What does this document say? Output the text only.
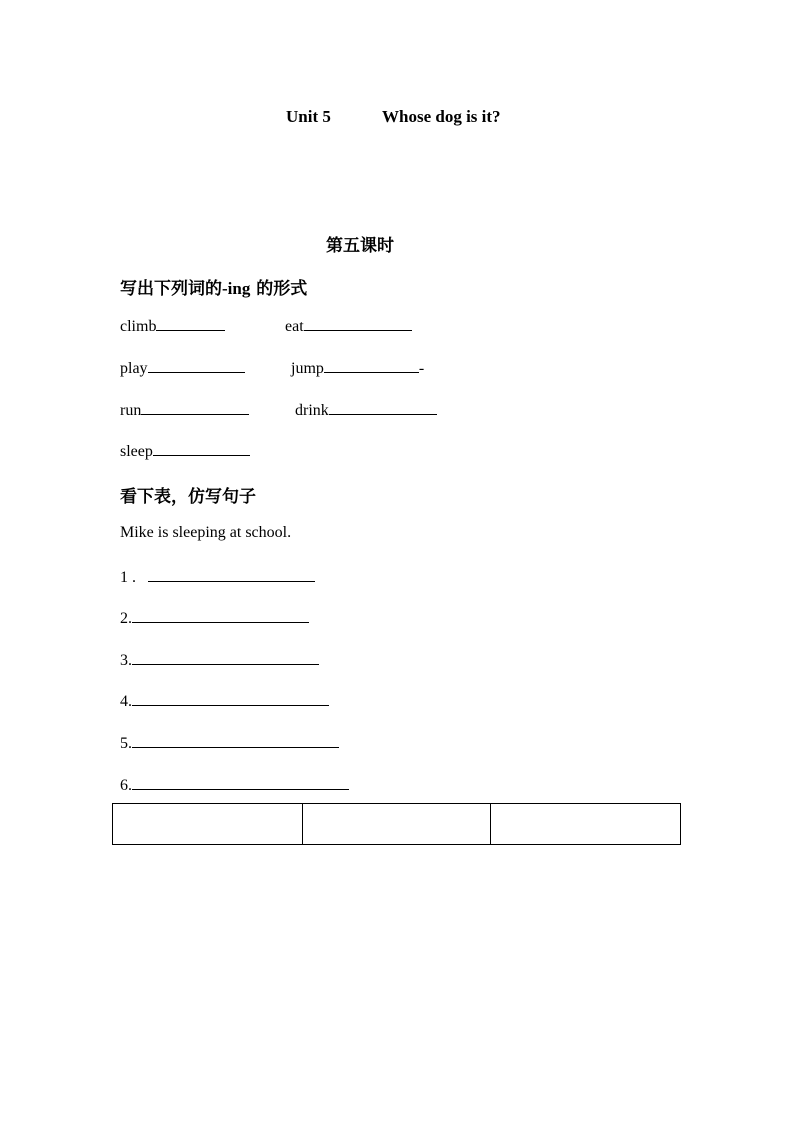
Unit 5	Whose dog is it?
第五课时
写出下列词的-ing 的形式
climb	eat
play	jump	-
run	drink
sleep
看下表，仿写句子
Mike is sleeping at school.
1 .
2.
3.
4.
5.
6.
